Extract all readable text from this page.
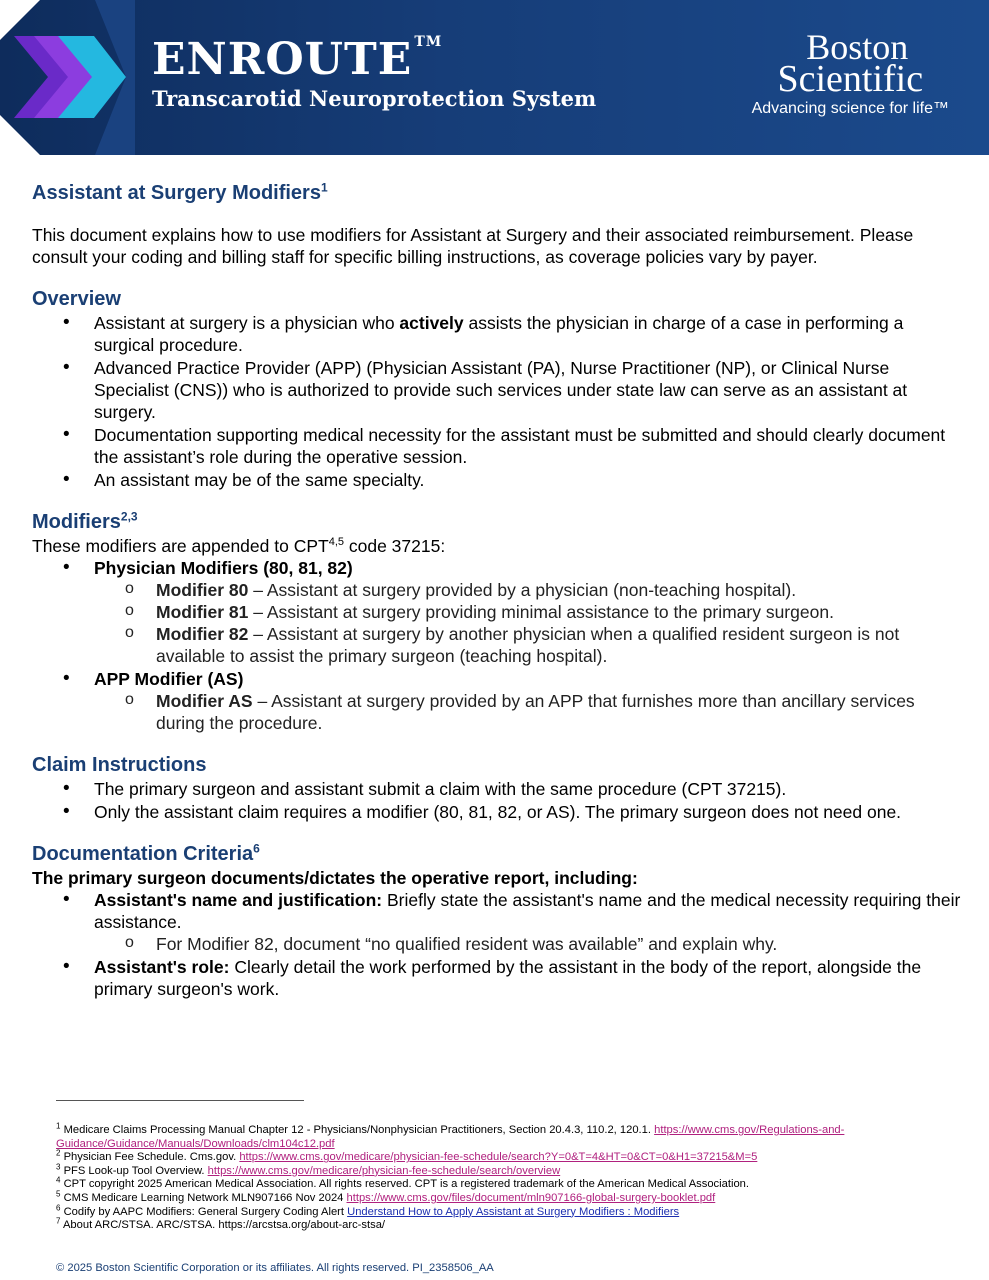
ENROUTE ™
Transcarotid Neuroprotection System
Boston
Scientific
Advancing science for life™
Assistant at Surgery Modifiers$^1$

This document explains how to use modifiers for Assistant at Surgery and their associated reimbursement. Please consult your coding and billing staff for specific billing instructions, as coverage policies vary by payer.

Overview
• Assistant at surgery is a physician who actively assists the physician in charge of a case in performing a surgical procedure.
• Advanced Practice Provider (APP) (Physician Assistant (PA), Nurse Practitioner (NP), or Clinical Nurse Specialist (CNS)) who is authorized to provide such services under state law can serve as an assistant at surgery.
• Documentation supporting medical necessity for the assistant must be submitted and should clearly document the assistant’s role during the operative session.
• An assistant may be of the same specialty.
Modifiers$^{2,3}$

These modifiers are appended to CPT$^{4,5}$ code 37215:

• Physician Modifiers (80, 81, 82)
o Modifier 80 – Assistant at surgery provided by a physician (non-teaching hospital).
o Modifier 81 – Assistant at surgery providing minimal assistance to the primary surgeon.
o Modifier 82 – Assistant at surgery by another physician when a qualified resident surgeon is not available to assist the primary surgeon (teaching hospital).
• APP Modifier (AS)
o Modifier AS – Assistant at surgery provided by an APP that furnishes more than ancillary services during the procedure.
Claim Instructions
• The primary surgeon and assistant submit a claim with the same procedure (CPT 37215).
• Only the assistant claim requires a modifier (80, 81, 82, or AS). The primary surgeon does not need one.
Documentation Criteria$^6$

The primary surgeon documents/dictates the operative report, including:

• Assistant's name and justification: Briefly state the assistant's name and the medical necessity requiring their assistance.
o For Modifier 82, document “no qualified resident was available” and explain why.
• Assistant's role: Clearly detail the work performed by the assistant in the body of the report, alongside the primary surgeon's work.
$^1$ Medicare Claims Processing Manual Chapter 12 - Physicians/Nonphysician Practitioners, Section 20.4.3, 110.2, 120.1. https://www.cms.gov/Regulations-and-Guidance/Guidance/Manuals/Downloads/clm104c12.pdf
$^2$ Physician Fee Schedule. Cms.gov. https://www.cms.gov/medicare/physician-fee-schedule/search?Y=0&T=4&HT=0&CT=0&H1=37215&M=5
$^3$ PFS Look-up Tool Overview. https://www.cms.gov/medicare/physician-fee-schedule/search/overview
$^4$ CPT copyright 2025 American Medical Association. All rights reserved. CPT is a registered trademark of the American Medical Association.
$^5$ CMS Medicare Learning Network MLN907166 Nov 2024 https://www.cms.gov/files/document/mln907166-global-surgery-booklet.pdf
$^6$ Codify by AAPC Modifiers: General Surgery Coding Alert Understand How to Apply Assistant at Surgery Modifiers : Modifiers
$^7$ About ARC/STSA. ARC/STSA. https://arcstsa.org/about-arc-stsa/
© 2025 Boston Scientific Corporation or its affiliates. All rights reserved. PI_2358506_AA
